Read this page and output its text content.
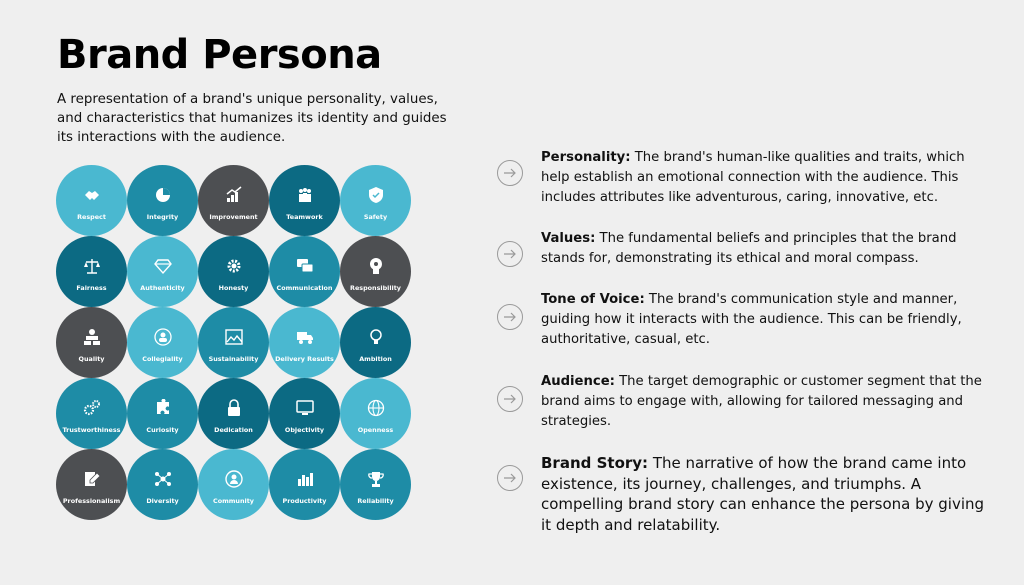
Brand Persona
A representation of a brand's unique personality, values, and characteristics that humanizes its identity and guides its interactions with the audience.
Respect	Integrity	Improvement	Teamwork	Safety
Fairness	Authenticity	Honesty	Communication	Responsibility
Quality	Collegiality	Sustainability	Delivery Results	Ambition
Trustworthiness	Curiosity	Dedication	Objectivity	Openness
Professionalism	Diversity	Community	Productivity	Reliability
Personality: The brand's human-like qualities and traits, which help establish an emotional connection with the audience. This includes attributes like adventurous, caring, innovative, etc.
Values: The fundamental beliefs and principles that the brand stands for, demonstrating its ethical and moral compass.
Tone of Voice: The brand's communication style and manner, guiding how it interacts with the audience. This can be friendly, authoritative, casual, etc.
Audience: The target demographic or customer segment that the brand aims to engage with, allowing for tailored messaging and strategies.
Brand Story: The narrative of how the brand came into existence, its journey, challenges, and triumphs. A compelling brand story can enhance the persona by giving it depth and relatability.
